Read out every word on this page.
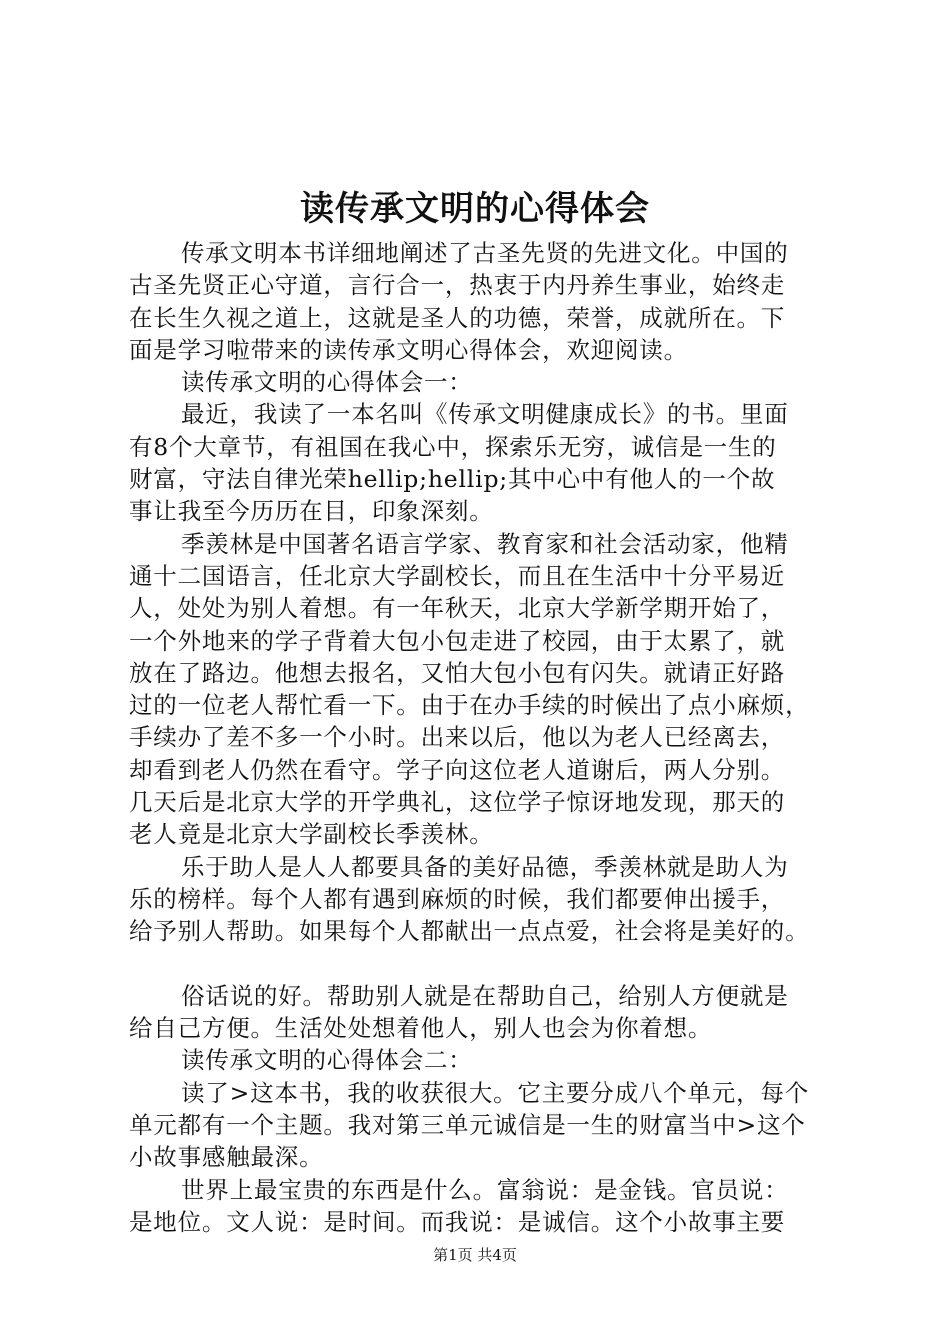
读传承文明的心得体会
传承文明本书详细地阐述了古圣先贤的先进文化。中国的
古圣先贤正心守道，言行合一，热衷于内丹养生事业，始终走
在长生久视之道上，这就是圣人的功德，荣誉，成就所在。下
面是学习啦带来的读传承文明心得体会，欢迎阅读。
读传承文明的心得体会一：
最近，我读了一本名叫《传承文明健康成长》的书。里面
有8个大章节，有祖国在我心中，探索乐无穷，诚信是一生的
财富，守法自律光荣hellip;hellip;其中心中有他人的一个故
事让我至今历历在目，印象深刻。
季羡林是中国著名语言学家、教育家和社会活动家，他精
通十二国语言，任北京大学副校长，而且在生活中十分平易近
人，处处为别人着想。有一年秋天，北京大学新学期开始了，
一个外地来的学子背着大包小包走进了校园，由于太累了，就
放在了路边。他想去报名，又怕大包小包有闪失。就请正好路
过的一位老人帮忙看一下。由于在办手续的时候出了点小麻烦，
手续办了差不多一个小时。出来以后，他以为老人已经离去，
却看到老人仍然在看守。学子向这位老人道谢后，两人分别。
几天后是北京大学的开学典礼，这位学子惊讶地发现，那天的
老人竟是北京大学副校长季羡林。
乐于助人是人人都要具备的美好品德，季羡林就是助人为
乐的榜样。每个人都有遇到麻烦的时候，我们都要伸出援手，
给予别人帮助。如果每个人都献出一点点爱，社会将是美好的。
俗话说的好。帮助别人就是在帮助自己，给别人方便就是
给自己方便。生活处处想着他人，别人也会为你着想。
读传承文明的心得体会二：
读了>这本书，我的收获很大。它主要分成八个单元，每个
单元都有一个主题。我对第三单元诚信是一生的财富当中>这个
小故事感触最深。
世界上最宝贵的东西是什么。富翁说：是金钱。官员说：
是地位。文人说：是时间。而我说：是诚信。这个小故事主要
第1页 共4页
